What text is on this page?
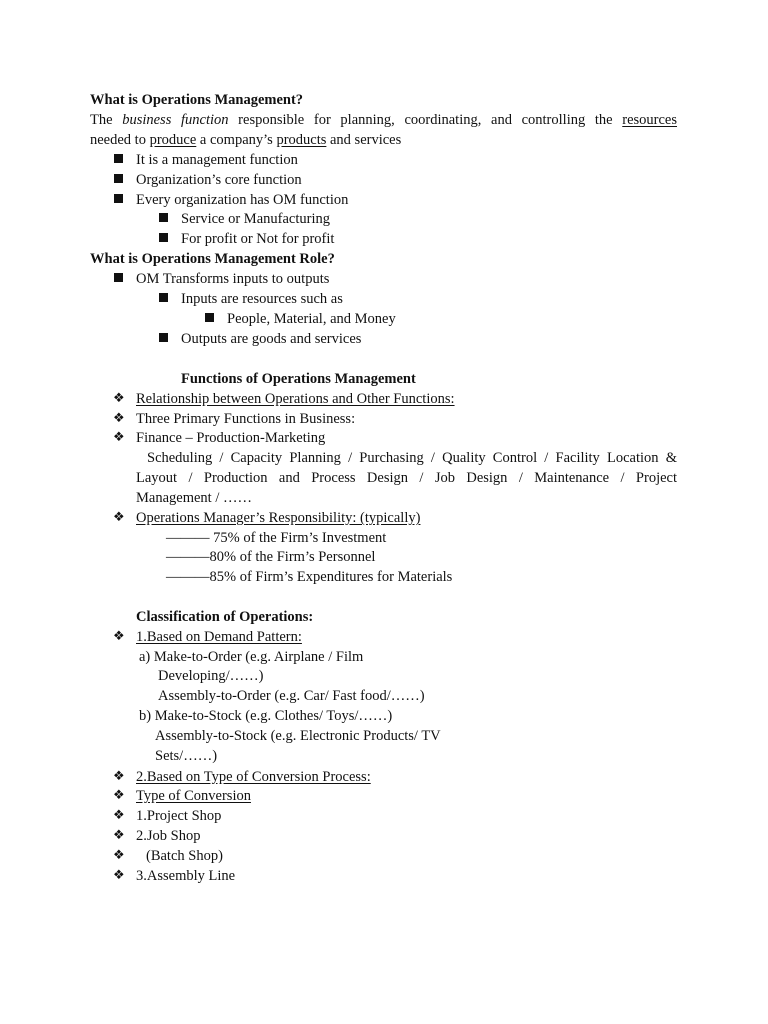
What is Operations Management?
The business function responsible for planning, coordinating, and controlling the resources
needed to produce a company’s products and services
It is a management function
Organization’s core function
Every organization has OM function
Service or Manufacturing
For profit or Not for profit
What is Operations Management Role?
OM Transforms inputs to outputs
Inputs are resources such as
People, Material, and Money
Outputs are goods and services
Functions of Operations Management
❖ Relationship between Operations and Other Functions:
❖ Three Primary Functions in Business:
❖ Finance – Production-Marketing
Scheduling / Capacity Planning / Purchasing / Quality Control / Facility Location &
Layout / Production and Process Design / Job Design / Maintenance / Project
Management / ……
❖ Operations Manager’s Responsibility: (typically)
——— 75% of the Firm’s Investment
———80% of the Firm’s Personnel
———85% of Firm’s Expenditures for Materials
Classification of Operations:
❖ 1.Based on Demand Pattern:
a) Make-to-Order (e.g. Airplane / Film
Developing/……)
Assembly-to-Order (e.g. Car/ Fast food/……)
b) Make-to-Stock (e.g. Clothes/ Toys/……)
Assembly-to-Stock (e.g. Electronic Products/ TV
Sets/……)
❖ 2.Based on Type of Conversion Process:
❖ Type of Conversion
❖ 1.Project Shop
❖ 2.Job Shop
❖ (Batch Shop)
❖ 3.Assembly Line
